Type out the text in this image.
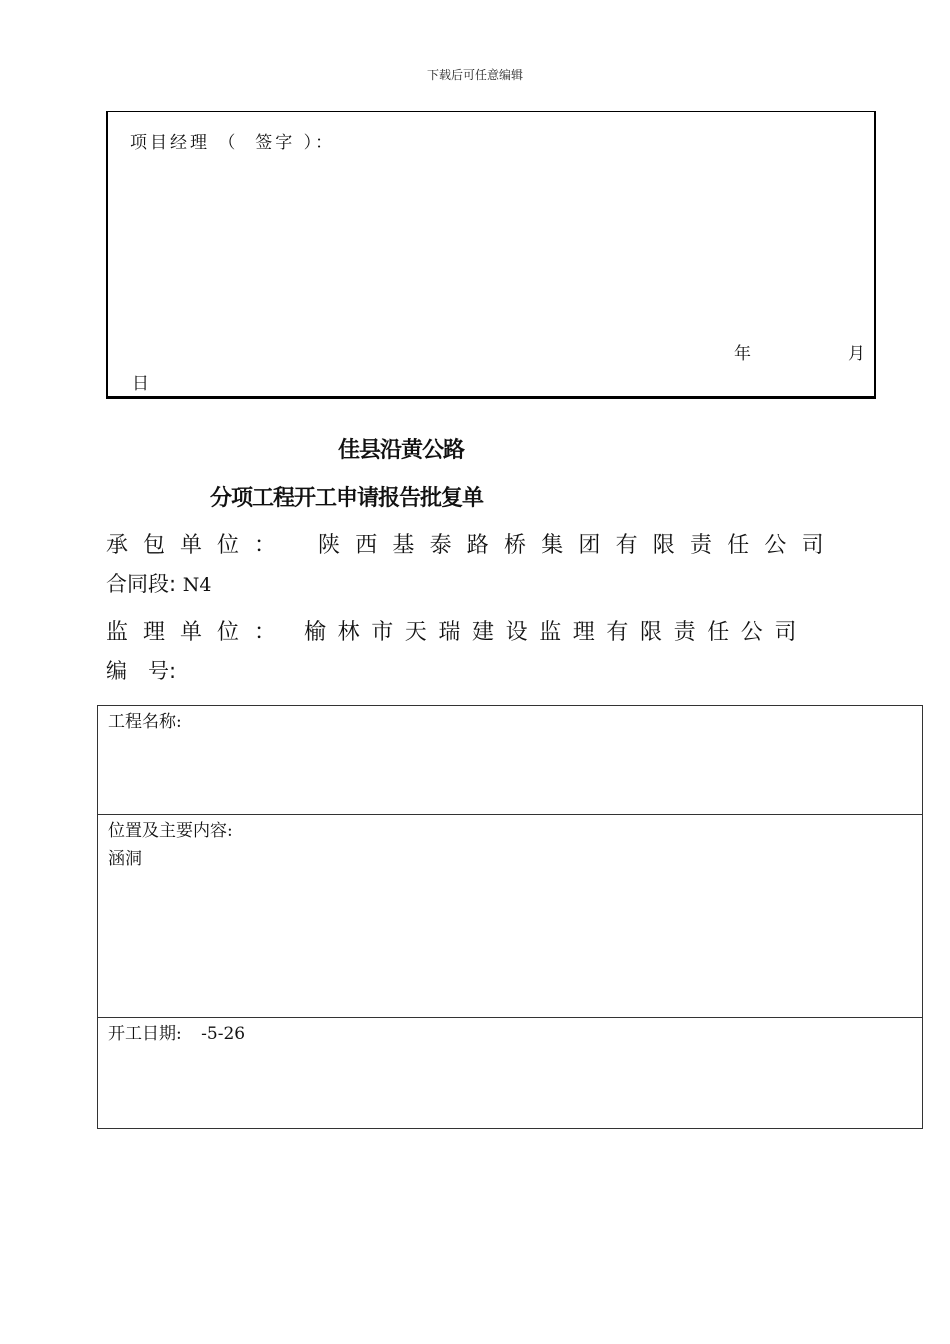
下载后可任意编辑
项目经理 （  签字 ）：
年	月
日
佳县沿黄公路
分项工程开工申请报告批复单
承包单位： 陕西基泰路桥集团有限责任公司
合同段: N4
监理单位： 榆林市天瑞建设监理有限责任公司
编　号:
工程名称:
位置及主要内容:
涵洞
开工日期: -5-26
